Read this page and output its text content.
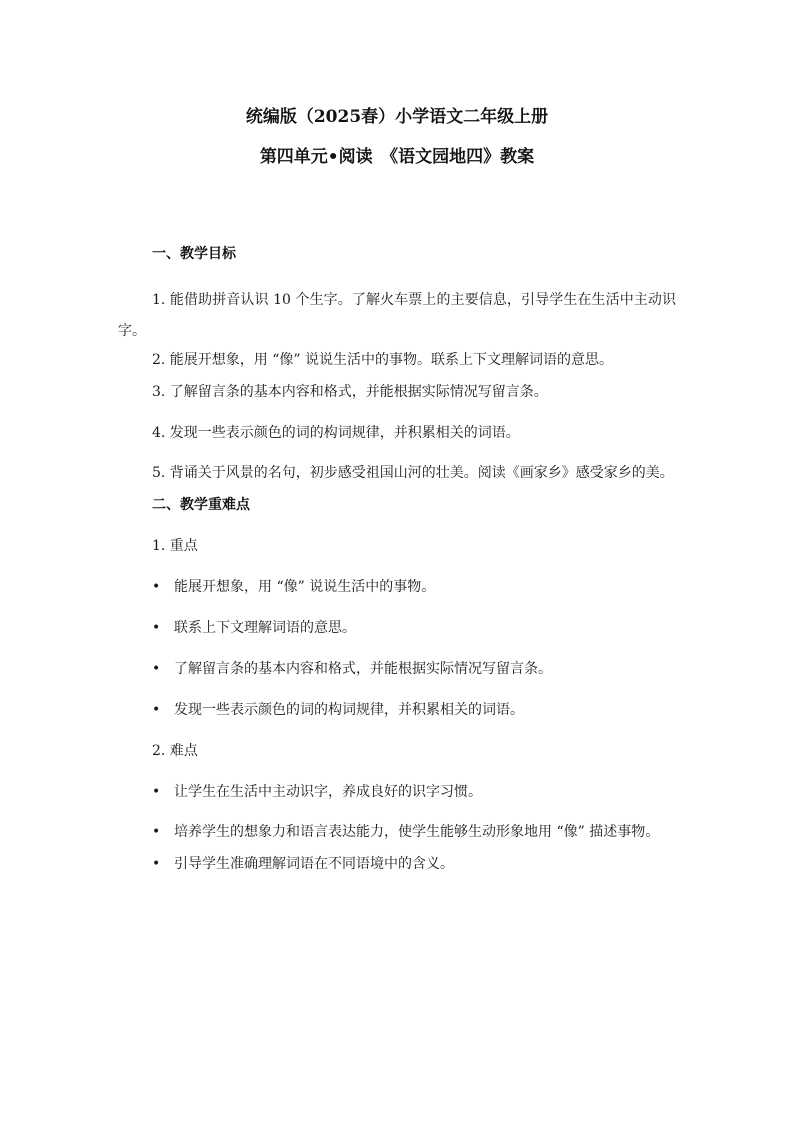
统编版（2025春）小学语文二年级上册
第四单元•阅读　《语文园地四》教案
一、教学目标

1. 能借助拼音认识 10 个生字。了解火车票上的主要信息，引导学生在生活中主动识字。

2. 能展开想象，用 “像” 说说生活中的事物。联系上下文理解词语的意思。

3. 了解留言条的基本内容和格式，并能根据实际情况写留言条。

4. 发现一些表示颜色的词的构词规律，并积累相关的词语。

5. 背诵关于风景的名句，初步感受祖国山河的壮美。阅读《画家乡》感受家乡的美。

二、教学重难点

1. 重点

• 能展开想象，用 “像” 说说生活中的事物。

• 联系上下文理解词语的意思。

• 了解留言条的基本内容和格式，并能根据实际情况写留言条。

• 发现一些表示颜色的词的构词规律，并积累相关的词语。

2. 难点

• 让学生在生活中主动识字，养成良好的识字习惯。

• 培养学生的想象力和语言表达能力，使学生能够生动形象地用 “像” 描述事物。

• 引导学生准确理解词语在不同语境中的含义。
